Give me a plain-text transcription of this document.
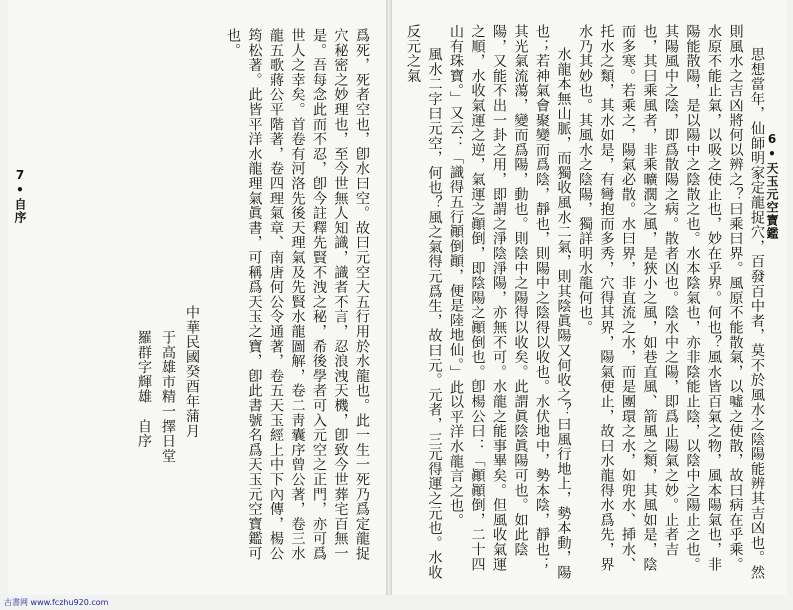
6•天玉元空寶鑑

思想當年，仙師明家定龍捉穴，百發百中者，莫不於風水之陰陽能辨其吉凶也。然則風水之吉凶將何以辨之？曰乘曰界。風原不能散氣，以噓之使散，故曰病在乎乘。水原不能止氣，以吸之使止也，妙在乎界。何也？風水皆百氣之物，風本陽氣也，非陽能散陽，是以陽中之陰散之也。水本陰氣也，亦非陰能止陰，以陰中之陽止之也。其陽風中之陰，即爲散陽之病。散者凶也。陰水中之陽，即爲止陽氣之妙。止者吉也，其曰乘風者，非乘曠濶之風，是狹小之風，如巷直風、箭風之類，其風如是，陰而多寒。若乘之，陽氣必散。水曰界，非直流之水，而是團環之水，如兜水、揷水、托水之類，其水如是，有彎抱而多秀，穴得其界，陽氣便止，故曰水龍得水爲先，界水乃其妙也。其風水之陰陽，獨詳明水龍何也。

水龍本無山脈，而獨收風水二氣，則其陰眞陽又何收之？曰風行地上，勢本動，陽也；若神氣會聚變而爲陰，靜也，則陽中之陰得以收也。水伏地中，勢本陰，靜也；其光氣流蕩，變而爲陽，動也。則陰中之陽得以收矣。此謂眞陰眞陽可也。如此陰陽，又能不出一卦之用，即謂之淨陰淨陽，亦無不可。水龍之能事畢矣。但風收氣運之順，水收氣運之逆，氣運之顚倒，即陰陽之顚倒也。卽楊公曰：「顚顚倒，二十四山有珠寶。」又云：「識得五行顚倒顚，便是陸地仙。」此以平洋水龍言之也。

風水二字曰元空，何也？風之氣得元爲生，故曰元。元者，三元得運之元也。水收反元之氣

7•自序	爲死，死者空也，卽水曰空。故曰元空大五行用於水龍也。此一生一死乃爲定龍捉穴秘密之妙理也，至今世無人知識，識者不言，忍浪洩天機，卽致今世葬宅百無一是。吾每念此而不忍，卽今註釋先賢不洩之秘，希後學者可入元空之正門，亦可爲世人之幸矣。首卷有河洛先後天理氣及先賢水龍圖解，卷二靑囊序曾公著，卷三水龍五歌蔣公平階著，卷四理氣章、南唐何公令通著，卷五天玉經上中下內傳，楊公筠松著。此皆平洋水龍理氣眞書，可稱爲天玉之寶，卽此書號名爲天玉元空寶鑑可也。

中華民國癸酉年蒲月
于高雄市精一擇日堂
羅群字輝雄　自序
古書网 www.fczhu920.com
